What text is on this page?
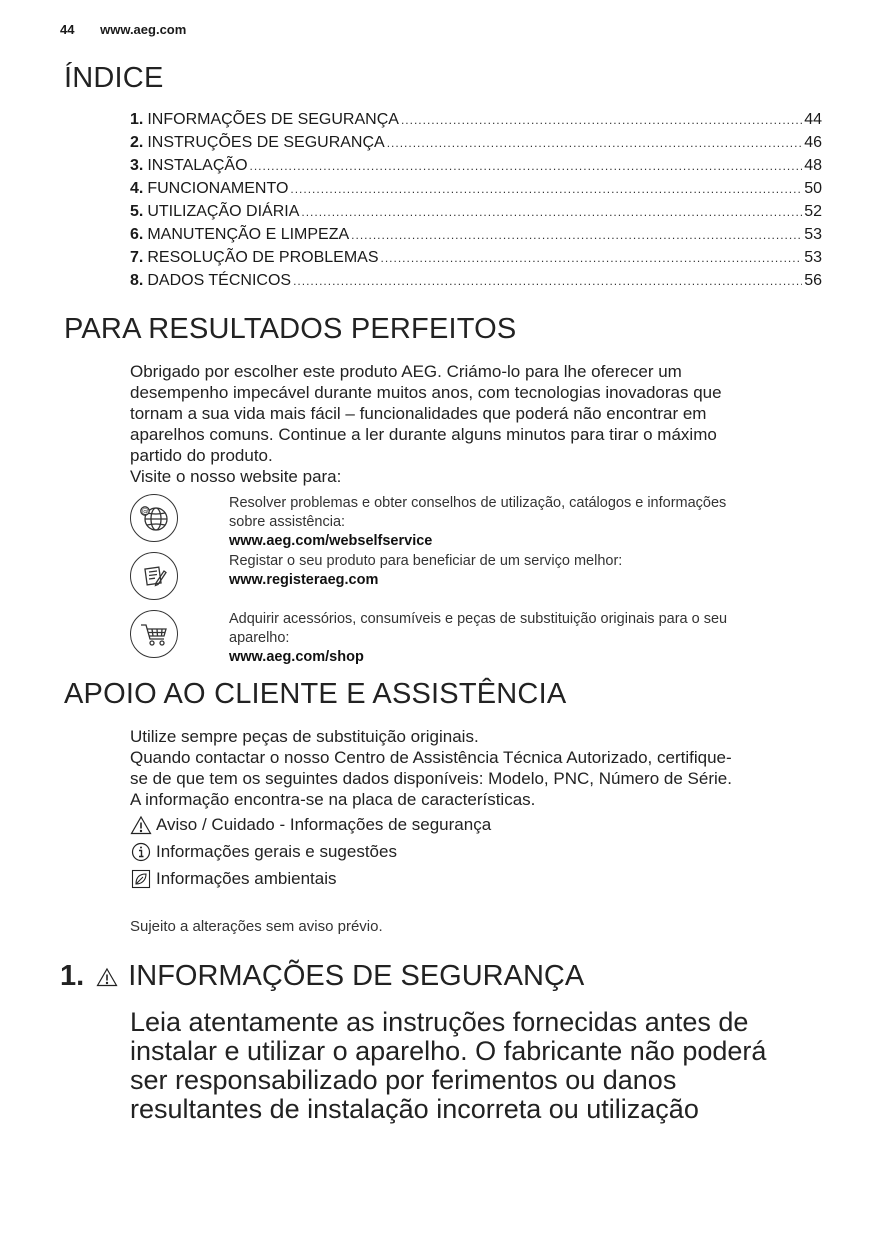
44 www.aeg.com
ÍNDICE
1. INFORMAÇÕES DE SEGURANÇA .....	44
2. INSTRUÇÕES DE SEGURANÇA .....	46
3. INSTALAÇÃO .....	48
4. FUNCIONAMENTO .....	50
5. UTILIZAÇÃO DIÁRIA .....	52
6. MANUTENÇÃO E LIMPEZA .....	53
7. RESOLUÇÃO DE PROBLEMAS .....	53
8. DADOS TÉCNICOS .....	56
PARA RESULTADOS PERFEITOS
Obrigado por escolher este produto AEG. Criámo-lo para lhe oferecer um
desempenho impecável durante muitos anos, com tecnologias inovadoras que
tornam a sua vida mais fácil – funcionalidades que poderá não encontrar em
aparelhos comuns. Continue a ler durante alguns minutos para tirar o máximo
partido do produto.
Visite o nosso website para:
@
Resolver problemas e obter conselhos de utilização, catálogos e informações
sobre assistência:
www.aeg.com/webselfservice
Registar o seu produto para beneficiar de um serviço melhor:
www.registeraeg.com
Adquirir acessórios, consumíveis e peças de substituição originais para o seu
aparelho:
www.aeg.com/shop
APOIO AO CLIENTE E ASSISTÊNCIA
Utilize sempre peças de substituição originais.
Quando contactar o nosso Centro de Assistência Técnica Autorizado, certifique-
se de que tem os seguintes dados disponíveis: Modelo, PNC, Número de Série.
A informação encontra-se na placa de características.
Aviso / Cuidado - Informações de segurança
Informações gerais e sugestões
Informações ambientais
Sujeito a alterações sem aviso prévio.
1. INFORMAÇÕES DE SEGURANÇA
Leia atentamente as instruções fornecidas antes de
instalar e utilizar o aparelho. O fabricante não poderá
ser responsabilizado por ferimentos ou danos
resultantes de instalação incorreta ou utilização
